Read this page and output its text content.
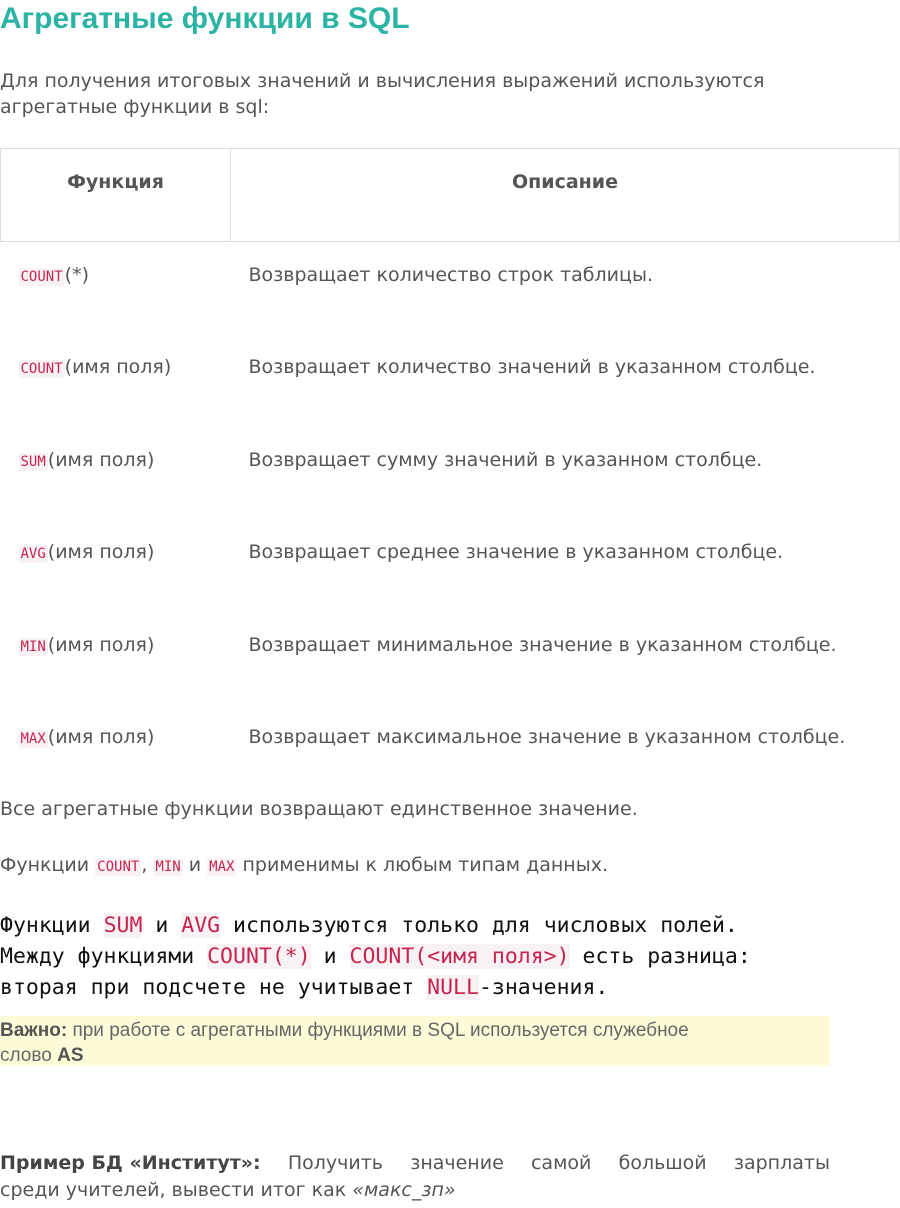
Агрегатные функции в SQL
Для получения итоговых значений и вычисления выражений используются
агрегатные функции в sql:
Функция	Описание

COUNT (*)	Возвращает количество строк таблицы.
COUNT (имя поля)	Возвращает количество значений в указанном столбце.
SUM (имя поля)	Возвращает сумму значений в указанном столбце.
AVG (имя поля)	Возвращает среднее значение в указанном столбце.
MIN (имя поля)	Возвращает минимальное значение в указанном столбце.
MAX (имя поля)	Возвращает максимальное значение в указанном столбце.
Все агрегатные функции возвращают единственное значение.
Функции COUNT , MIN и MAX применимы к любым типам данных.
Функции SUM и AVG используются только для числовых полей.
Между функциями COUNT(*) и COUNT(<имя поля>) есть разница:
вторая при подсчете не учитывает NULL-значения.
Важно: при работе с агрегатными функциями в SQL используется служебное
слово AS
Пример БД «Институт»: Получить значение самой большой зарплаты
среди учителей, вывести итог как «макс_зп»
